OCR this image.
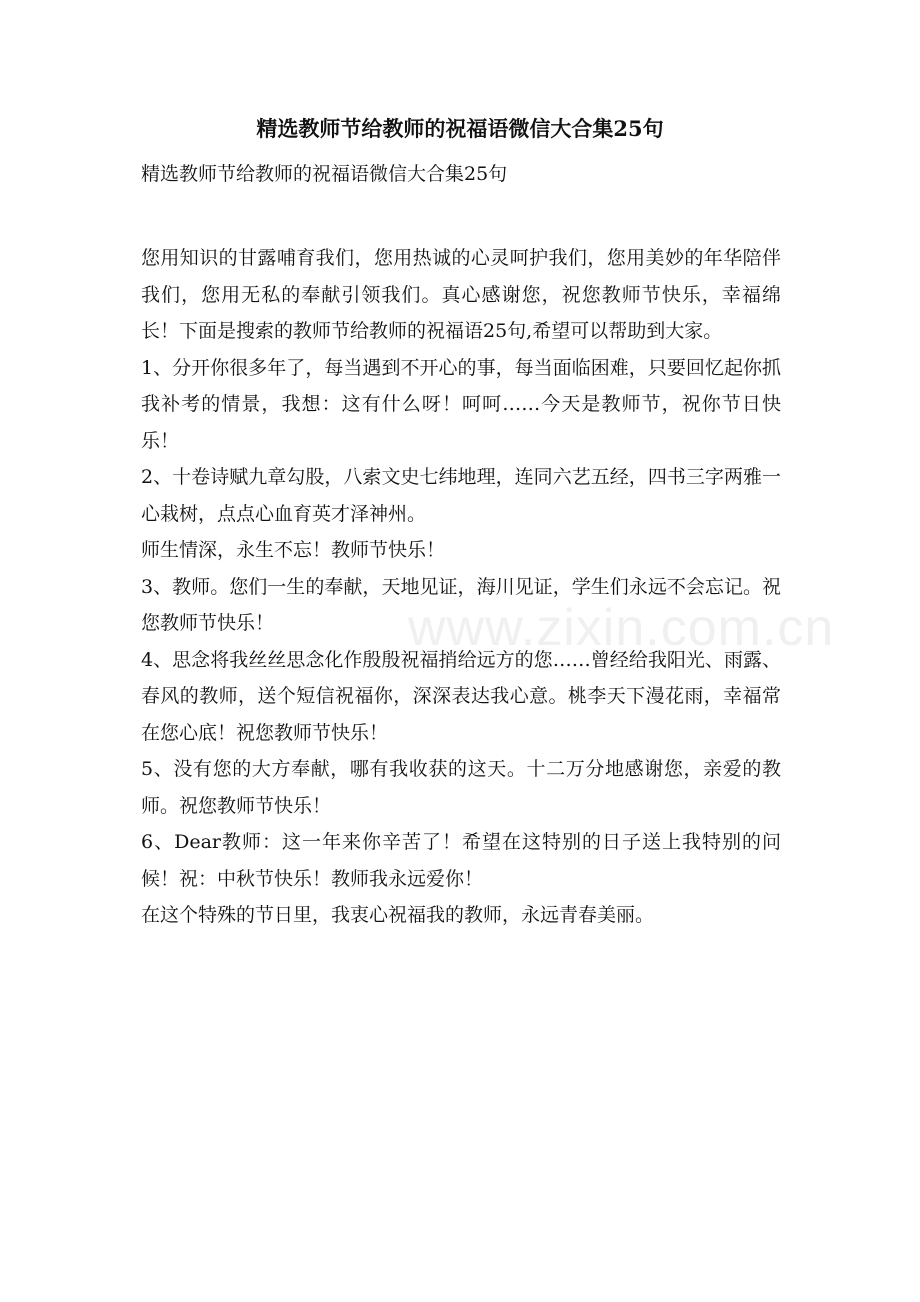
精选教师节给教师的祝福语微信大合集25句

精选教师节给教师的祝福语微信大合集25句

您用知识的甘露哺育我们，您用热诚的心灵呵护我们，您用美妙的年华陪伴我们，您用无私的奉献引领我们。真心感谢您，祝您教师节快乐，幸福绵长！下面是搜索的教师节给教师的祝福语25句,希望可以帮助到大家。

1、分开你很多年了，每当遇到不开心的事，每当面临困难，只要回忆起你抓我补考的情景，我想：这有什么呀！呵呵……今天是教师节，祝你节日快乐！

2、十卷诗赋九章勾股，八索文史七纬地理，连同六艺五经，四书三字两雅一心栽树，点点心血育英才泽神州。

师生情深，永生不忘！教师节快乐！

3、教师。您们一生的奉献，天地见证，海川见证，学生们永远不会忘记。祝您教师节快乐！

4、思念将我丝丝思念化作殷殷祝福捎给远方的您……曾经给我阳光、雨露、春风的教师，送个短信祝福你，深深表达我心意。桃李天下漫花雨，幸福常在您心底！祝您教师节快乐！

5、没有您的大方奉献，哪有我收获的这天。十二万分地感谢您，亲爱的教师。祝您教师节快乐！

6、Dear教师：这一年来你辛苦了！希望在这特别的日子送上我特别的问候！祝：中秋节快乐！教师我永远爱你！

在这个特殊的节日里，我衷心祝福我的教师，永远青春美丽。

www.zixin.com.cn
